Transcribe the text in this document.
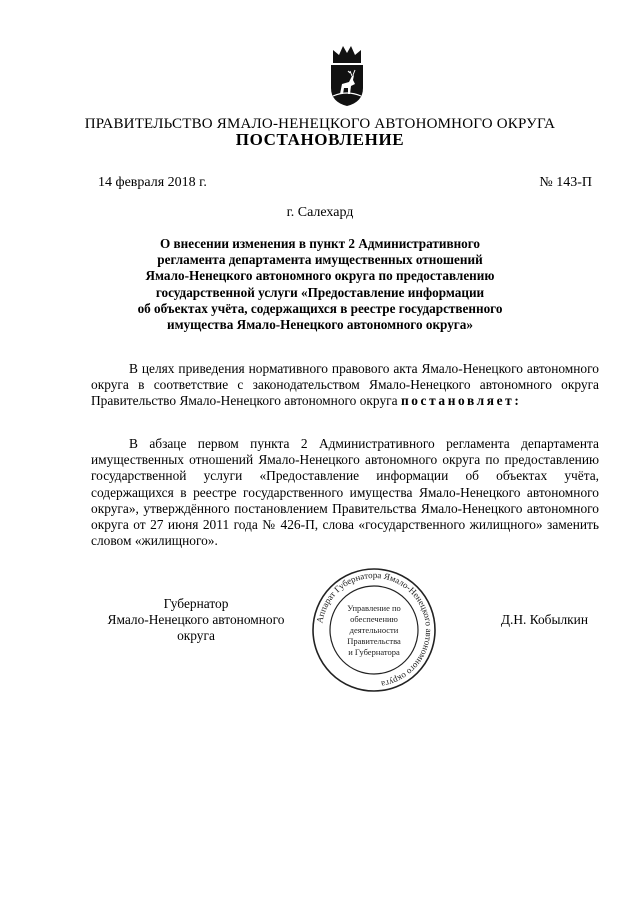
ПРАВИТЕЛЬСТВО ЯМАЛО-НЕНЕЦКОГО АВТОНОМНОГО ОКРУГА
ПОСТАНОВЛЕНИЕ
14 февраля 2018 г.	№ 143-П
г. Салехард
О внесении изменения в пункт 2 Административного
регламента департамента имущественных отношений
Ямало-Ненецкого автономного округа по предоставлению
государственной услуги «Предоставление информации
об объектах учёта, содержащихся в реестре государственного
имущества Ямало-Ненецкого автономного округа»
В целях приведения нормативного правового акта Ямало-Ненецкого автономного округа в соответствие с законодательством Ямало-Ненецкого автономного округа Правительство Ямало-Ненецкого автономного округа постановляет:
В абзаце первом пункта 2 Административного регламента департамента имущественных отношений Ямало-Ненецкого автономного округа по предоставлению государственной услуги «Предоставление информации об объектах учёта, содержащихся в реестре государственного имущества Ямало-Ненецкого автономного округа», утверждённого постановлением Правительства Ямало-Ненецкого автономного округа от 27 июня 2011 года № 426-П, слова «государственного жилищного» заменить словом «жилищного».
Губернатор
Ямало-Ненецкого автономного округа
Д.Н. Кобылкин
Аппарат Губернатора Ямало-Ненецкого автономного округа
Управление по
обеспечению
деятельности
Правительства
и Губернатора
